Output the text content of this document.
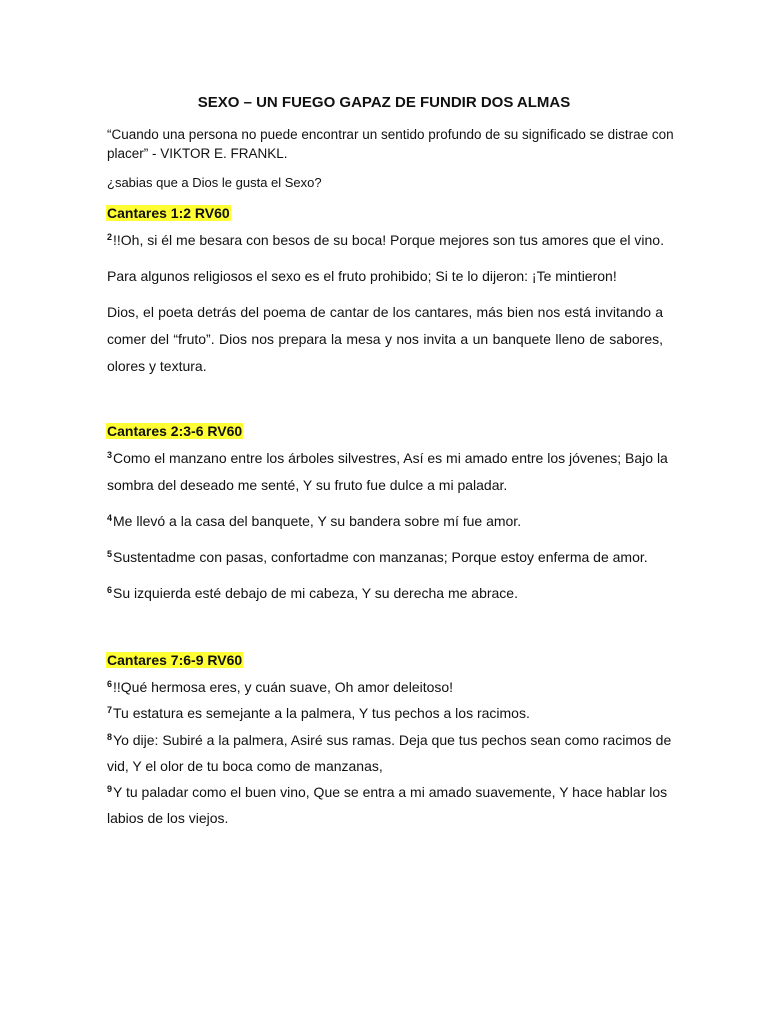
SEXO – UN FUEGO GAPAZ DE FUNDIR DOS ALMAS
“Cuando una persona no puede encontrar un sentido profundo de su significado se distrae con
placer” - VIKTOR E. FRANKL.
¿sabias que a Dios le gusta el Sexo?
Cantares 1:2 RV60
$^2$!!Oh, si él me besara con besos de su boca! Porque mejores son tus amores que el vino.
Para algunos religiosos el sexo es el fruto prohibido; Si te lo dijeron: ¡Te mintieron!
Dios, el poeta detrás del poema de cantar de los cantares, más bien nos está invitando a
comer del “fruto”. Dios nos prepara la mesa y nos invita a un banquete lleno de sabores,
olores y textura.
Cantares 2:3-6 RV60
$^3$Como el manzano entre los árboles silvestres, Así es mi amado entre los jóvenes; Bajo la
sombra del deseado me senté, Y su fruto fue dulce a mi paladar.
$^4$Me llevó a la casa del banquete, Y su bandera sobre mí fue amor.
$^5$Sustentadme con pasas, confortadme con manzanas; Porque estoy enferma de amor.
$^6$Su izquierda esté debajo de mi cabeza, Y su derecha me abrace.
Cantares 7:6-9 RV60
$^6$!!Qué hermosa eres, y cuán suave, Oh amor deleitoso!
$^7$Tu estatura es semejante a la palmera, Y tus pechos a los racimos.
$^8$Yo dije: Subiré a la palmera, Asiré sus ramas. Deja que tus pechos sean como racimos de
vid, Y el olor de tu boca como de manzanas,
$^9$Y tu paladar como el buen vino, Que se entra a mi amado suavemente, Y hace hablar los
labios de los viejos.
